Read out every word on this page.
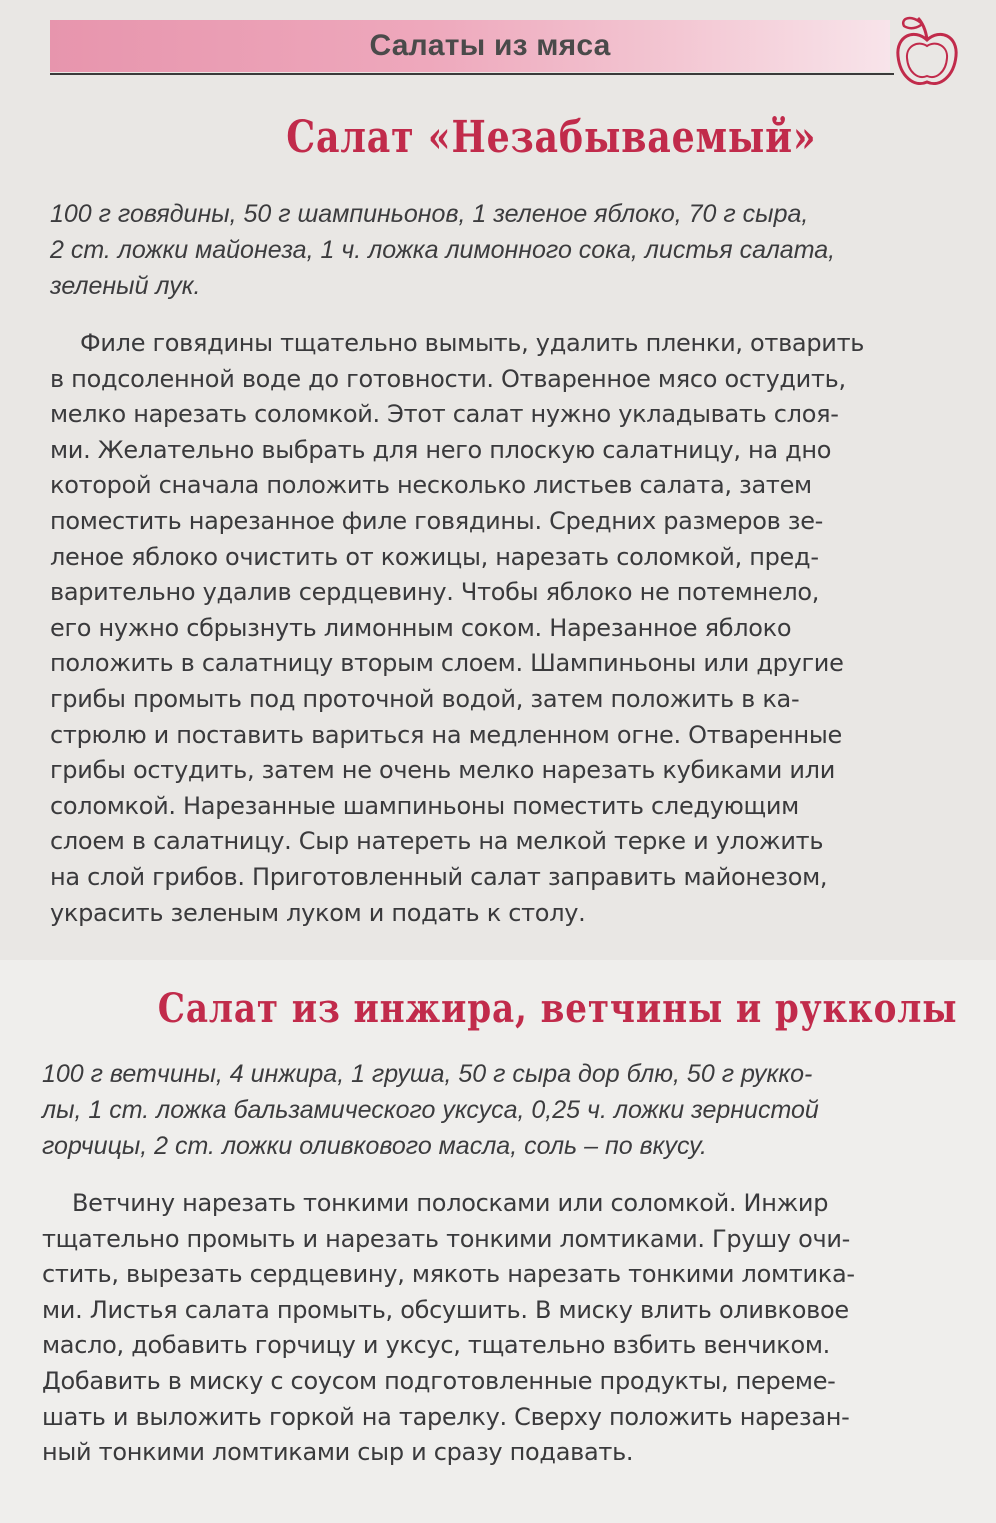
Салаты из мяса
Салат «Незабываемый»
100 г говядины, 50 г шампиньонов, 1 зеленое яблоко, 70 г сыра,
2 ст. ложки майонеза, 1 ч. ложка лимонного сока, листья салата,
зеленый лук.
Филе говядины тщательно вымыть, удалить пленки, отварить
в подсоленной воде до готовности. Отваренное мясо остудить,
мелко нарезать соломкой. Этот салат нужно укладывать слоя-
ми. Желательно выбрать для него плоскую салатницу, на дно
которой сначала положить несколько листьев салата, затем
поместить нарезанное филе говядины. Средних размеров зе-
леное яблоко очистить от кожицы, нарезать соломкой, пред-
варительно удалив сердцевину. Чтобы яблоко не потемнело,
его нужно сбрызнуть лимонным соком. Нарезанное яблоко
положить в салатницу вторым слоем. Шампиньоны или другие
грибы промыть под проточной водой, затем положить в ка-
стрюлю и поставить вариться на медленном огне. Отваренные
грибы остудить, затем не очень мелко нарезать кубиками или
соломкой. Нарезанные шампиньоны поместить следующим
слоем в салатницу. Сыр натереть на мелкой терке и уложить
на слой грибов. Приготовленный салат заправить майонезом,
украсить зеленым луком и подать к столу.
Салат из инжира, ветчины и рукколы
100 г ветчины, 4 инжира, 1 груша, 50 г сыра дор блю, 50 г рукко-
лы, 1 ст. ложка бальзамического уксуса, 0,25 ч. ложки зернистой
горчицы, 2 ст. ложки оливкового масла, соль – по вкусу.
Ветчину нарезать тонкими полосками или соломкой. Инжир
тщательно промыть и нарезать тонкими ломтиками. Грушу очи-
стить, вырезать сердцевину, мякоть нарезать тонкими ломтика-
ми. Листья салата промыть, обсушить. В миску влить оливковое
масло, добавить горчицу и уксус, тщательно взбить венчиком.
Добавить в миску с соусом подготовленные продукты, переме-
шать и выложить горкой на тарелку. Сверху положить нарезан-
ный тонкими ломтиками сыр и сразу подавать.
